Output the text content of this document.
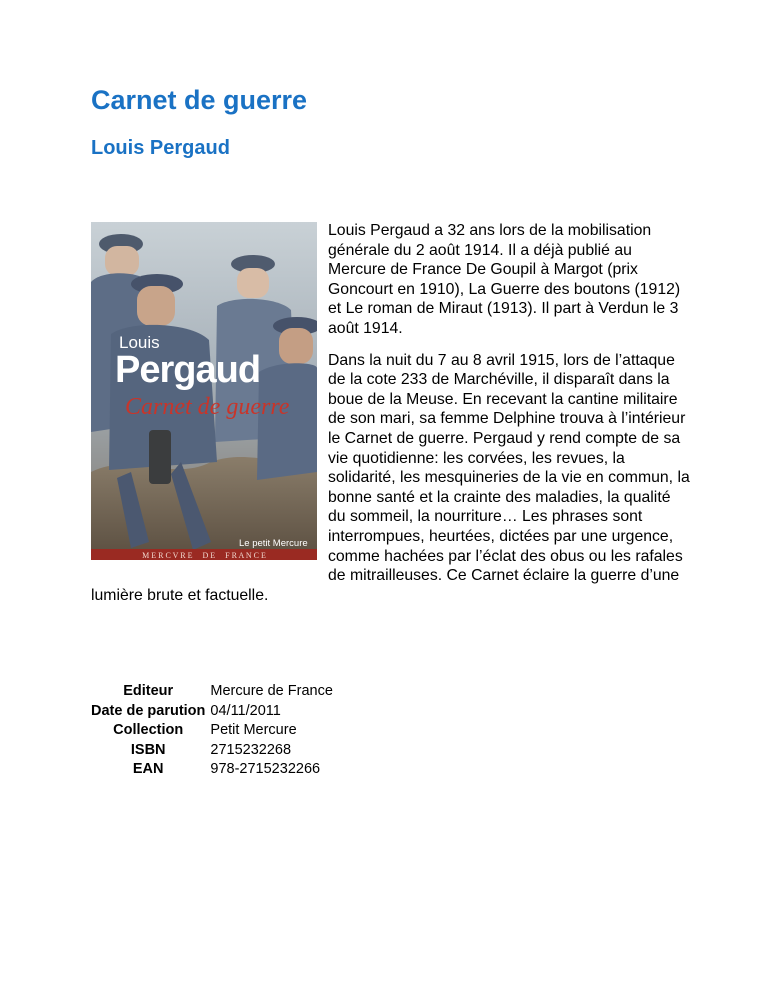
Carnet de guerre
Louis Pergaud
Louis
Pergaud
Carnet de guerre
Le petit Mercure
M E R C V R E     D E     F R A N C E

Louis Pergaud a 32 ans lors de la mobilisation générale du 2 août 1914. Il a déjà publié au Mercure de France De Goupil à Margot (prix Goncourt en 1910), La Guerre des boutons (1912) et Le roman de Miraut (1913). Il part à Verdun le 3 août 1914.

Dans la nuit du 7 au 8 avril 1915, lors de l’attaque de la cote 233 de Marchéville, il disparaît dans la boue de la Meuse. En recevant la cantine militaire de son mari, sa femme Delphine trouva à l’intérieur le Carnet de guerre. Pergaud y rend compte de sa vie quotidienne: les corvées, les revues, la solidarité, les mesquineries de la vie en commun, la bonne santé et la crainte des maladies, la qualité du sommeil, la nourriture… Les phrases sont interrompues, heurtées, dictées par une urgence, comme hachées par l’éclat des obus ou les rafales de mitrailleuses. Ce Carnet éclaire la guerre d’une lumière brute et factuelle.

Editeur	Mercure de France
Date de parution	04/11/2011
Collection	Petit Mercure
ISBN	2715232268
EAN	978-2715232266
